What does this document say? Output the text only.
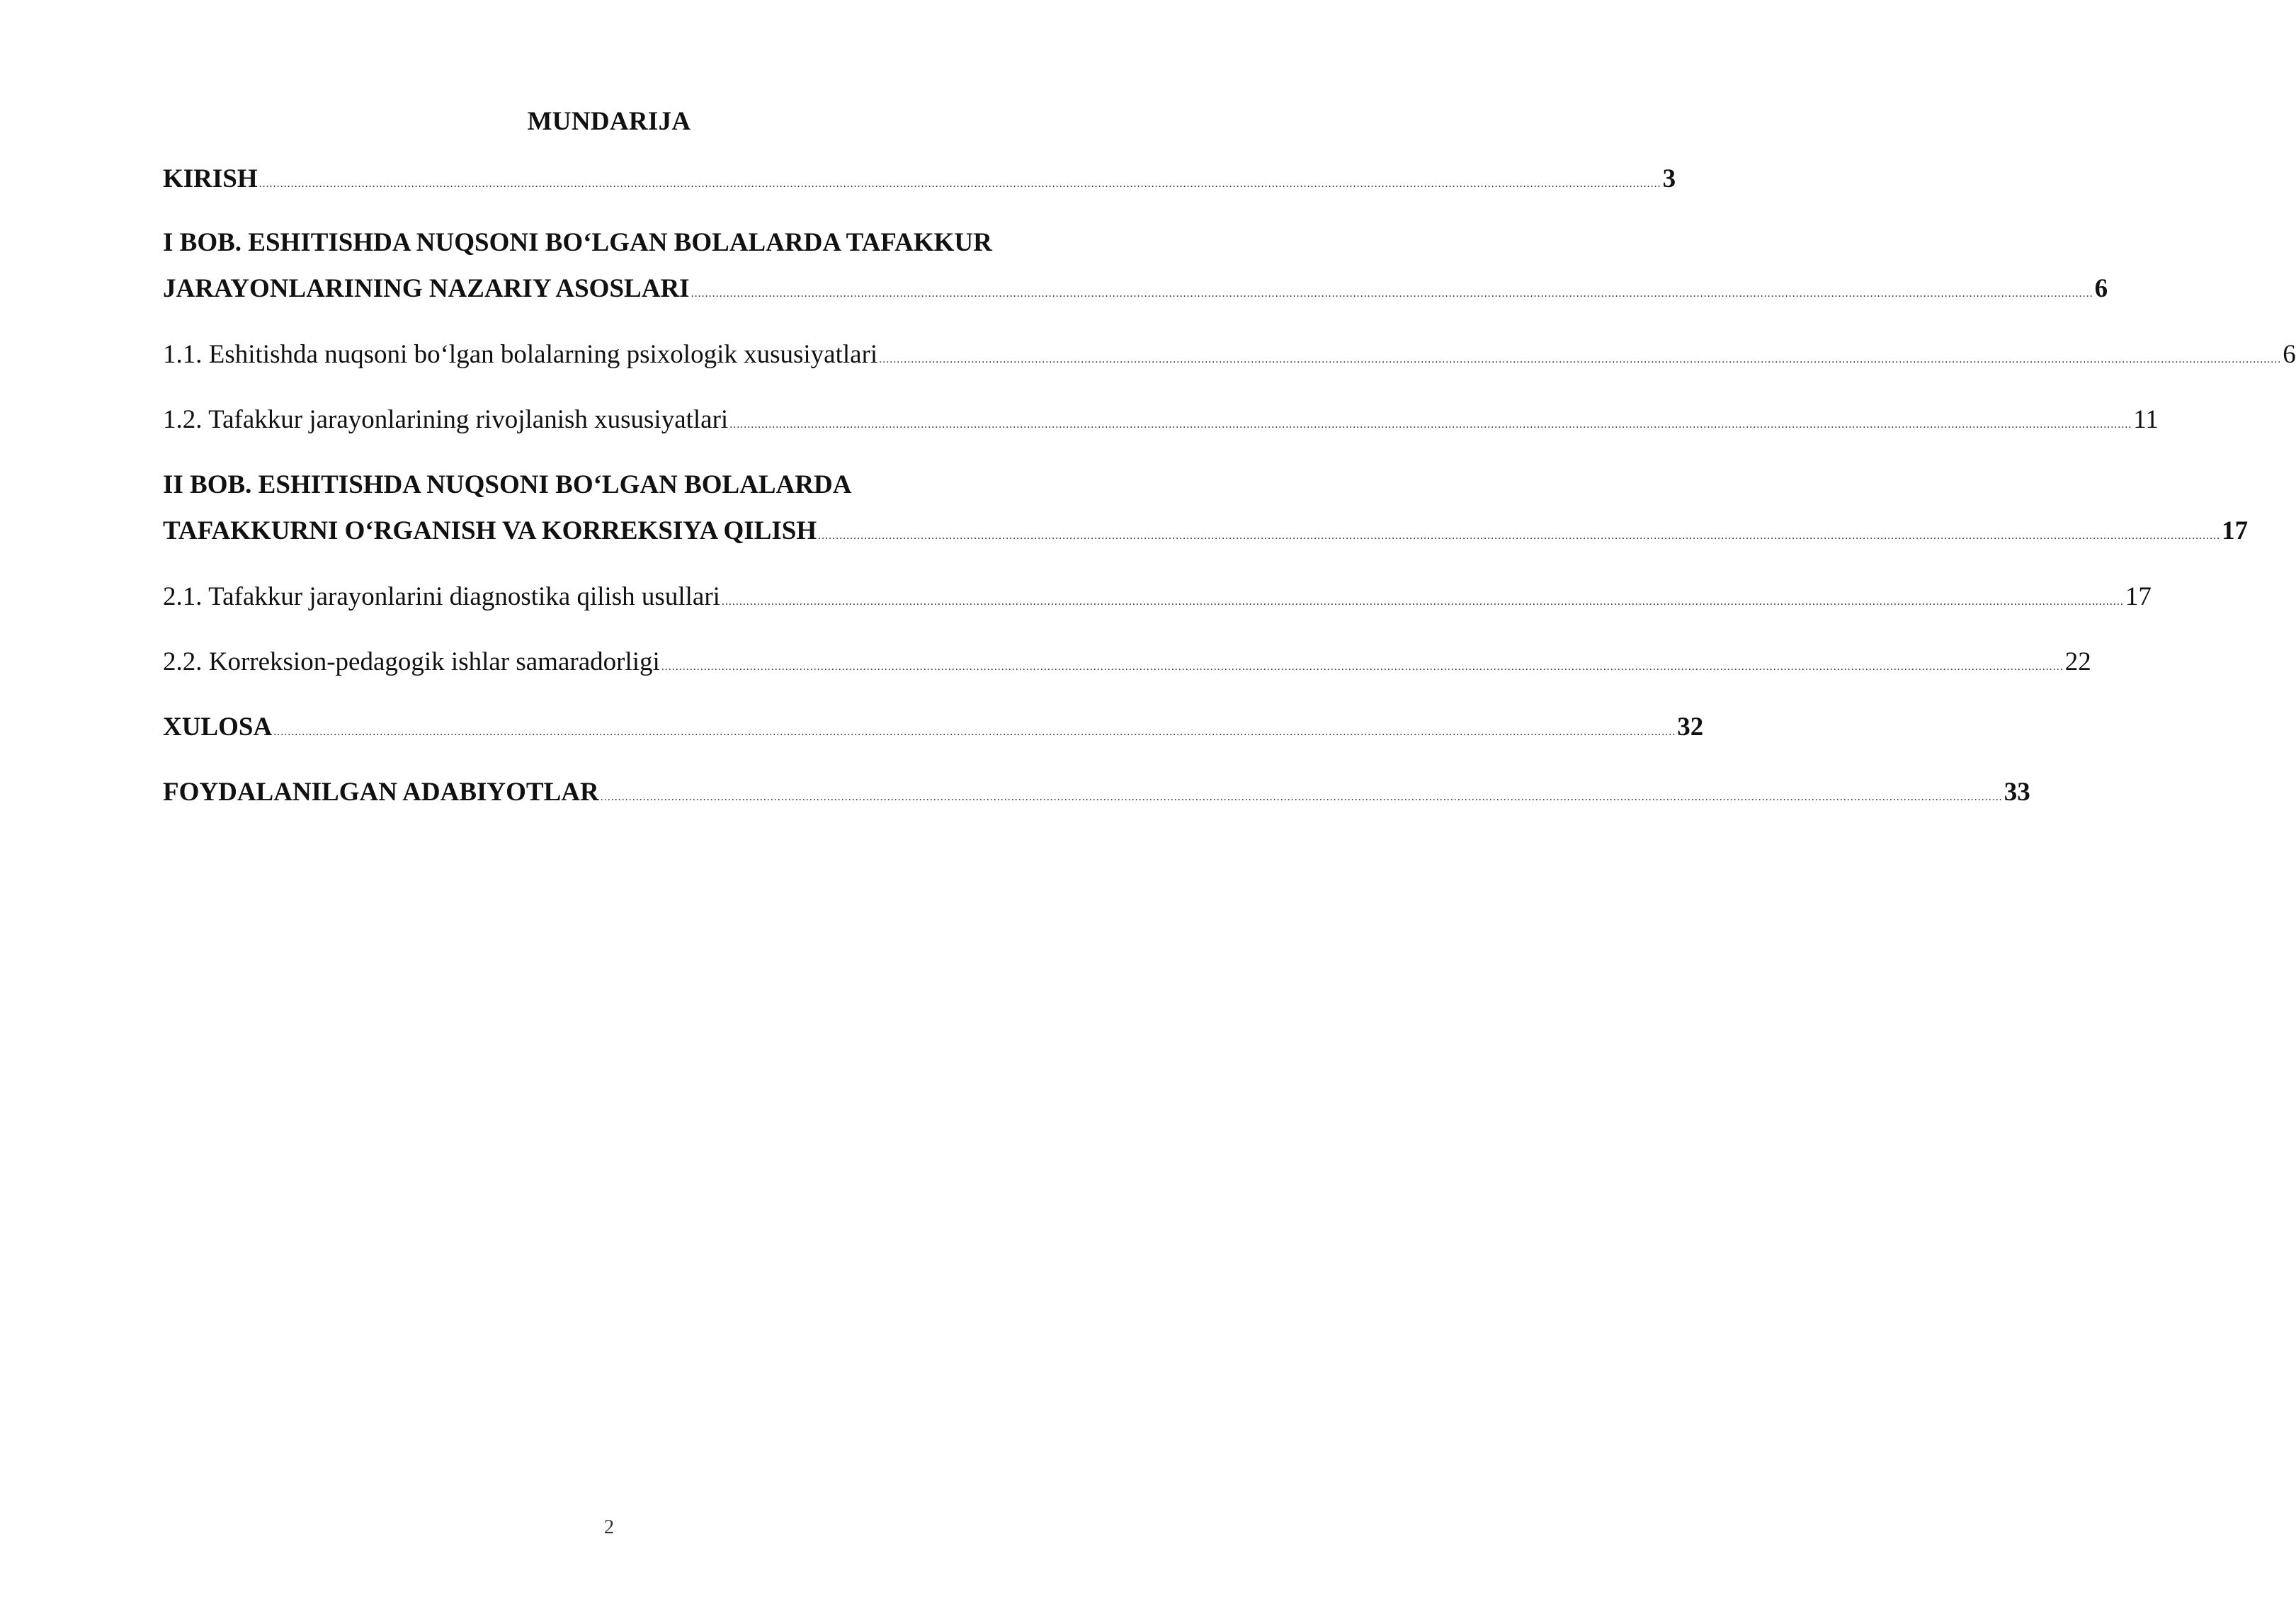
MUNDARIJA
KIRISH .....	3
I BOB. ESHITISHDA NUQSONI BO‘LGAN BOLALARDA TAFAKKUR
JARAYONLARINING NAZARIY ASOSLARI .....	6
1.1. Eshitishda nuqsoni bo‘lgan bolalarning psixologik xususiyatlari .....	6
1.2. Tafakkur jarayonlarining rivojlanish xususiyatlari .....	11
II BOB. ESHITISHDA NUQSONI BO‘LGAN BOLALARDA
TAFAKKURNI O‘RGANISH VA KORREKSIYA QILISH .....	17
2.1. Tafakkur jarayonlarini diagnostika qilish usullari .....	17
2.2. Korreksion-pedagogik ishlar samaradorligi .....	22
XULOSA .....	32
FOYDALANILGAN ADABIYOTLAR .....	33
2
